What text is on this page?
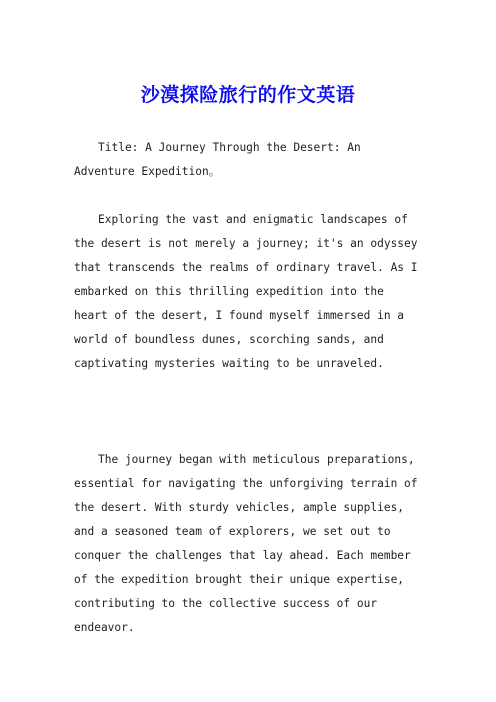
沙漠探险旅行的作文英语

Title: A Journey Through the Desert: An Adventure Expedition。

Exploring the vast and enigmatic landscapes of the desert is not merely a journey; it's an odyssey that transcends the realms of ordinary travel. As I embarked on this thrilling expedition into the heart of the desert, I found myself immersed in a world of boundless dunes, scorching sands, and captivating mysteries waiting to be unraveled.

The journey began with meticulous preparations, essential for navigating the unforgiving terrain of the desert. With sturdy vehicles, ample supplies, and a seasoned team of explorers, we set out to conquer the challenges that lay ahead. Each member of the expedition brought their unique expertise, contributing to the collective success of our endeavor.
